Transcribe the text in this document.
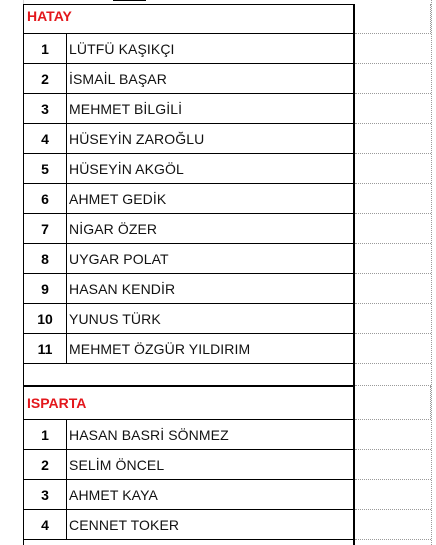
HATAY
1	LÜTFÜ KAŞIKÇI
2	İSMAİL BAŞAR
3	MEHMET BİLGİLİ
4	HÜSEYİN ZAROĞLU
5	HÜSEYİN AKGÖL
6	AHMET GEDİK
7	NİGAR ÖZER
8	UYGAR POLAT
9	HASAN KENDİR
10	YUNUS TÜRK
11	MEHMET ÖZGÜR YILDIRIM
ISPARTA
1	HASAN BASRİ SÖNMEZ
2	SELİM ÖNCEL
3	AHMET KAYA
4	CENNET TOKER
